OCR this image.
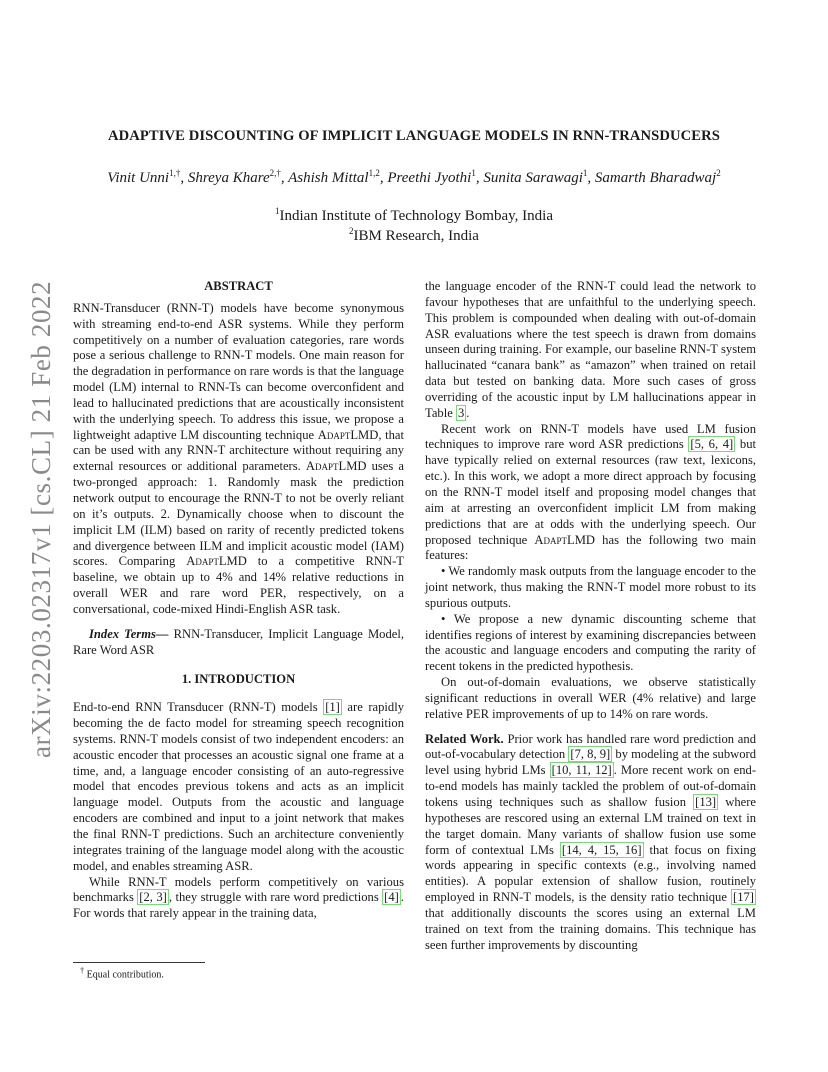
arXiv:2203.02317v1 [cs.CL] 21 Feb 2022
ADAPTIVE DISCOUNTING OF IMPLICIT LANGUAGE MODELS IN RNN-TRANSDUCERS
Vinit Unni$^{1,\dagger}$, Shreya Khare$^{2,\dagger}$, Ashish Mittal$^{1,2}$, Preethi Jyothi$^1$, Sunita Sarawagi$^1$, Samarth Bharadwaj$^2$
$^1$Indian Institute of Technology Bombay, India
$^2$IBM Research, India
ABSTRACT

RNN-Transducer (RNN-T) models have become synonymous with streaming end-to-end ASR systems. While they perform competitively on a number of evaluation categories, rare words pose a serious challenge to RNN-T models. One main reason for the degradation in performance on rare words is that the language model (LM) internal to RNN-Ts can become overconfident and lead to hallucinated predictions that are acoustically inconsistent with the underlying speech. To address this issue, we propose a lightweight adaptive LM discounting technique AdaptLMD, that can be used with any RNN-T architecture without requiring any external resources or additional parameters. AdaptLMD uses a two-pronged approach: 1. Randomly mask the prediction network output to encourage the RNN-T to not be overly reliant on it’s outputs. 2. Dynamically choose when to discount the implicit LM (ILM) based on rarity of recently predicted tokens and divergence between ILM and implicit acoustic model (IAM) scores. Comparing AdaptLMD to a competitive RNN-T baseline, we obtain up to 4% and 14% relative reductions in overall WER and rare word PER, respectively, on a conversational, code-mixed Hindi-English ASR task.

Index Terms— RNN-Transducer, Implicit Language Model, Rare Word ASR

1. INTRODUCTION

End-to-end RNN Transducer (RNN-T) models [1] are rapidly becoming the de facto model for streaming speech recognition systems. RNN-T models consist of two independent encoders: an acoustic encoder that processes an acoustic signal one frame at a time, and, a language encoder consisting of an auto-regressive model that encodes previous tokens and acts as an implicit language model. Outputs from the acoustic and language encoders are combined and input to a joint network that makes the final RNN-T predictions. Such an architecture conveniently integrates training of the language model along with the acoustic model, and enables streaming ASR.

While RNN-T models perform competitively on various benchmarks [2, 3] , they struggle with rare word predictions [4] . For words that rarely appear in the training data,

the language encoder of the RNN-T could lead the network to favour hypotheses that are unfaithful to the underlying speech. This problem is compounded when dealing with out-of-domain ASR evaluations where the test speech is drawn from domains unseen during training. For example, our baseline RNN-T system hallucinated “canara bank” as “amazon” when trained on retail data but tested on banking data. More such cases of gross overriding of the acoustic input by LM hallucinations appear in Table 3 .

Recent work on RNN-T models have used LM fusion techniques to improve rare word ASR predictions [5, 6, 4] but have typically relied on external resources (raw text, lexicons, etc.). In this work, we adopt a more direct approach by focusing on the RNN-T model itself and proposing model changes that aim at arresting an overconfident implicit LM from making predictions that are at odds with the underlying speech. Our proposed technique AdaptLMD has the following two main features:

• We randomly mask outputs from the language encoder to the joint network, thus making the RNN-T model more robust to its spurious outputs.

• We propose a new dynamic discounting scheme that identifies regions of interest by examining discrepancies between the acoustic and language encoders and computing the rarity of recent tokens in the predicted hypothesis.

On out-of-domain evaluations, we observe statistically significant reductions in overall WER (4% relative) and large relative PER improvements of up to 14% on rare words.

Related Work. Prior work has handled rare word prediction and out-of-vocabulary detection [7, 8, 9] by modeling at the subword level using hybrid LMs [10, 11, 12] . More recent work on end-to-end models has mainly tackled the problem of out-of-domain tokens using techniques such as shallow fusion [13] where hypotheses are rescored using an external LM trained on text in the target domain. Many variants of shallow fusion use some form of contextual LMs [14, 4, 15, 16] that focus on fixing words appearing in specific contexts (e.g., involving named entities). A popular extension of shallow fusion, routinely employed in RNN-T models, is the density ratio technique [17] that additionally discounts the scores using an external LM trained on text from the training domains. This technique has seen further improvements by discounting

† Equal contribution.
